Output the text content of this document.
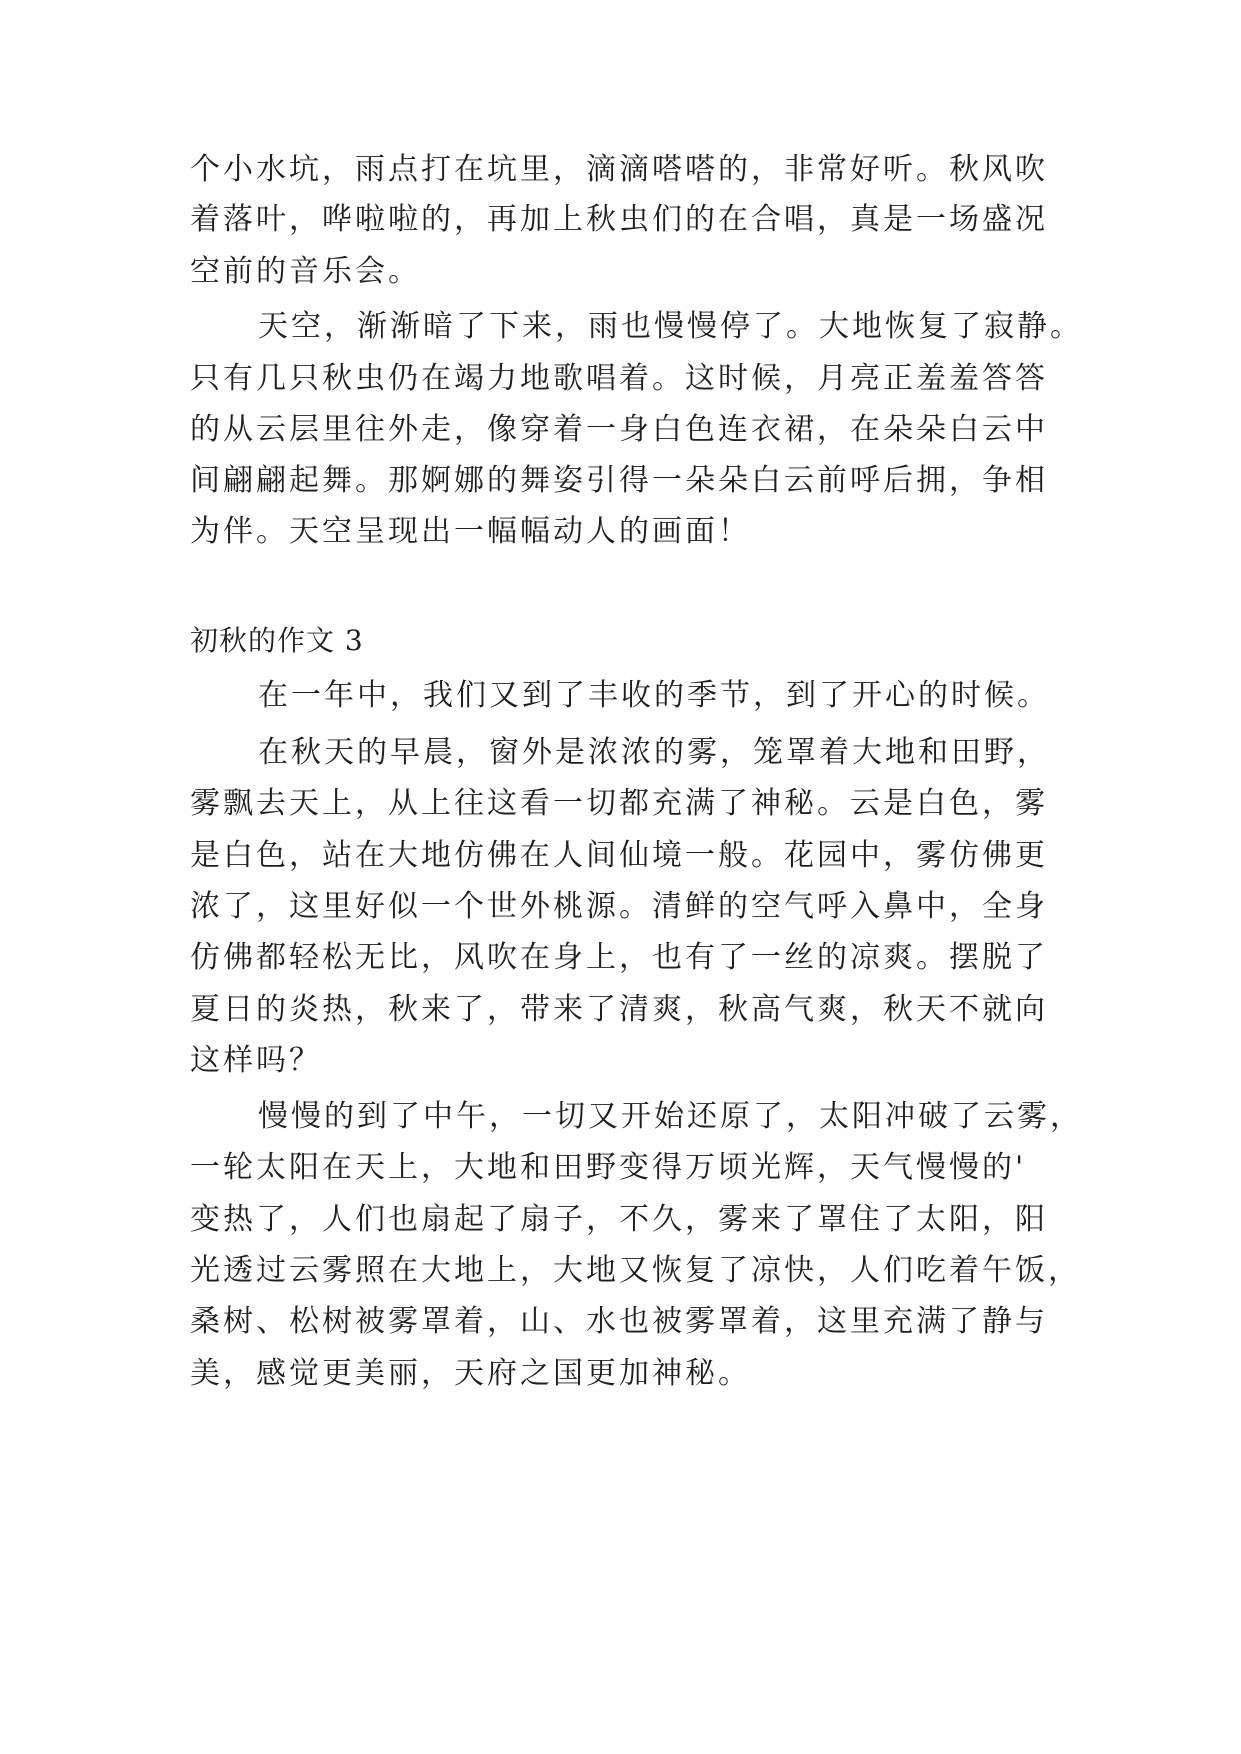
个小水坑，雨点打在坑里，滴滴嗒嗒的，非常好听。秋风吹
着落叶，哗啦啦的，再加上秋虫们的在合唱，真是一场盛况
空前的音乐会。
天空，渐渐暗了下来，雨也慢慢停了。大地恢复了寂静。
只有几只秋虫仍在竭力地歌唱着。这时候，月亮正羞羞答答
的从云层里往外走，像穿着一身白色连衣裙，在朵朵白云中
间翩翩起舞。那婀娜的舞姿引得一朵朵白云前呼后拥，争相
为伴。天空呈现出一幅幅动人的画面！
初秋的作文 3
在一年中，我们又到了丰收的季节，到了开心的时候。
在秋天的早晨，窗外是浓浓的雾，笼罩着大地和田野，
雾飘去天上，从上往这看一切都充满了神秘。云是白色，雾
是白色，站在大地仿佛在人间仙境一般。花园中，雾仿佛更
浓了，这里好似一个世外桃源。清鲜的空气呼入鼻中，全身
仿佛都轻松无比，风吹在身上，也有了一丝的凉爽。摆脱了
夏日的炎热，秋来了，带来了清爽，秋高气爽，秋天不就向
这样吗？
慢慢的到了中午，一切又开始还原了，太阳冲破了云雾，
一轮太阳在天上，大地和田野变得万顷光辉，天气慢慢的'
变热了，人们也扇起了扇子，不久，雾来了罩住了太阳，阳
光透过云雾照在大地上，大地又恢复了凉快，人们吃着午饭，
桑树、松树被雾罩着，山、水也被雾罩着，这里充满了静与
美，感觉更美丽，天府之国更加神秘。
